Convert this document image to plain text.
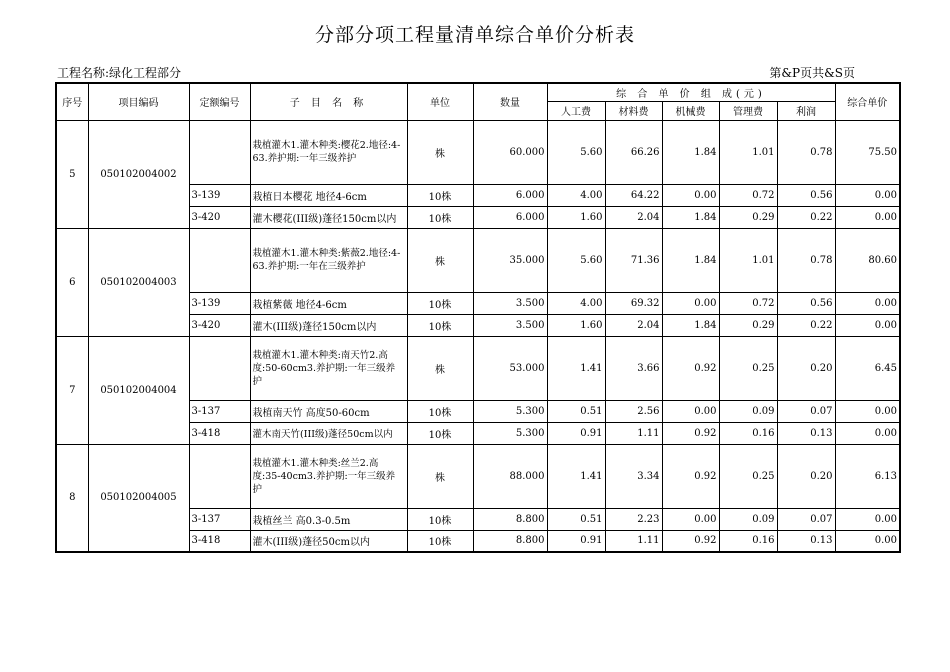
分部分项工程量清单综合单价分析表
工程名称:绿化工程部分	第&P页共&S页
序号	项目编码	定额编号	子 目 名 称	单位	数量	综 合 单 价 组 成(元)					综合单价
						人工费	材料费	机械费	管理费	利润	
5	050102004002		栽植灌木1.灌木种类:樱花2.地径:4-63.养护期:一年三级养护	株	60.000	5.60	66.26	1.84	1.01	0.78	75.50
		3-139	栽植日本樱花 地径4-6cm	10株	6.000	4.00	64.22	0.00	0.72	0.56	0.00
		3-420	灌木樱花(III级)蓬径150cm以内	10株	6.000	1.60	2.04	1.84	0.29	0.22	0.00
6	050102004003		栽植灌木1.灌木种类:紫薇2.地径:4-63.养护期:一年在三级养护	株	35.000	5.60	71.36	1.84	1.01	0.78	80.60
		3-139	栽植紫薇 地径4-6cm	10株	3.500	4.00	69.32	0.00	0.72	0.56	0.00
		3-420	灌木(III级)蓬径150cm以内	10株	3.500	1.60	2.04	1.84	0.29	0.22	0.00
7	050102004004		栽植灌木1.灌木种类:南天竹2.高度:50-60cm3.养护期:一年三级养护	株	53.000	1.41	3.66	0.92	0.25	0.20	6.45
		3-137	栽植南天竹 高度50-60cm	10株	5.300	0.51	2.56	0.00	0.09	0.07	0.00
		3-418	灌木南天竹(III级)蓬径50cm以内	10株	5.300	0.91	1.11	0.92	0.16	0.13	0.00
8	050102004005		栽植灌木1.灌木种类:丝兰2.高度:35-40cm3.养护期:一年三级养护	株	88.000	1.41	3.34	0.92	0.25	0.20	6.13
		3-137	栽植丝兰 高0.3-0.5m	10株	8.800	0.51	2.23	0.00	0.09	0.07	0.00
		3-418	灌木(III级)蓬径50cm以内	10株	8.800	0.91	1.11	0.92	0.16	0.13	0.00
